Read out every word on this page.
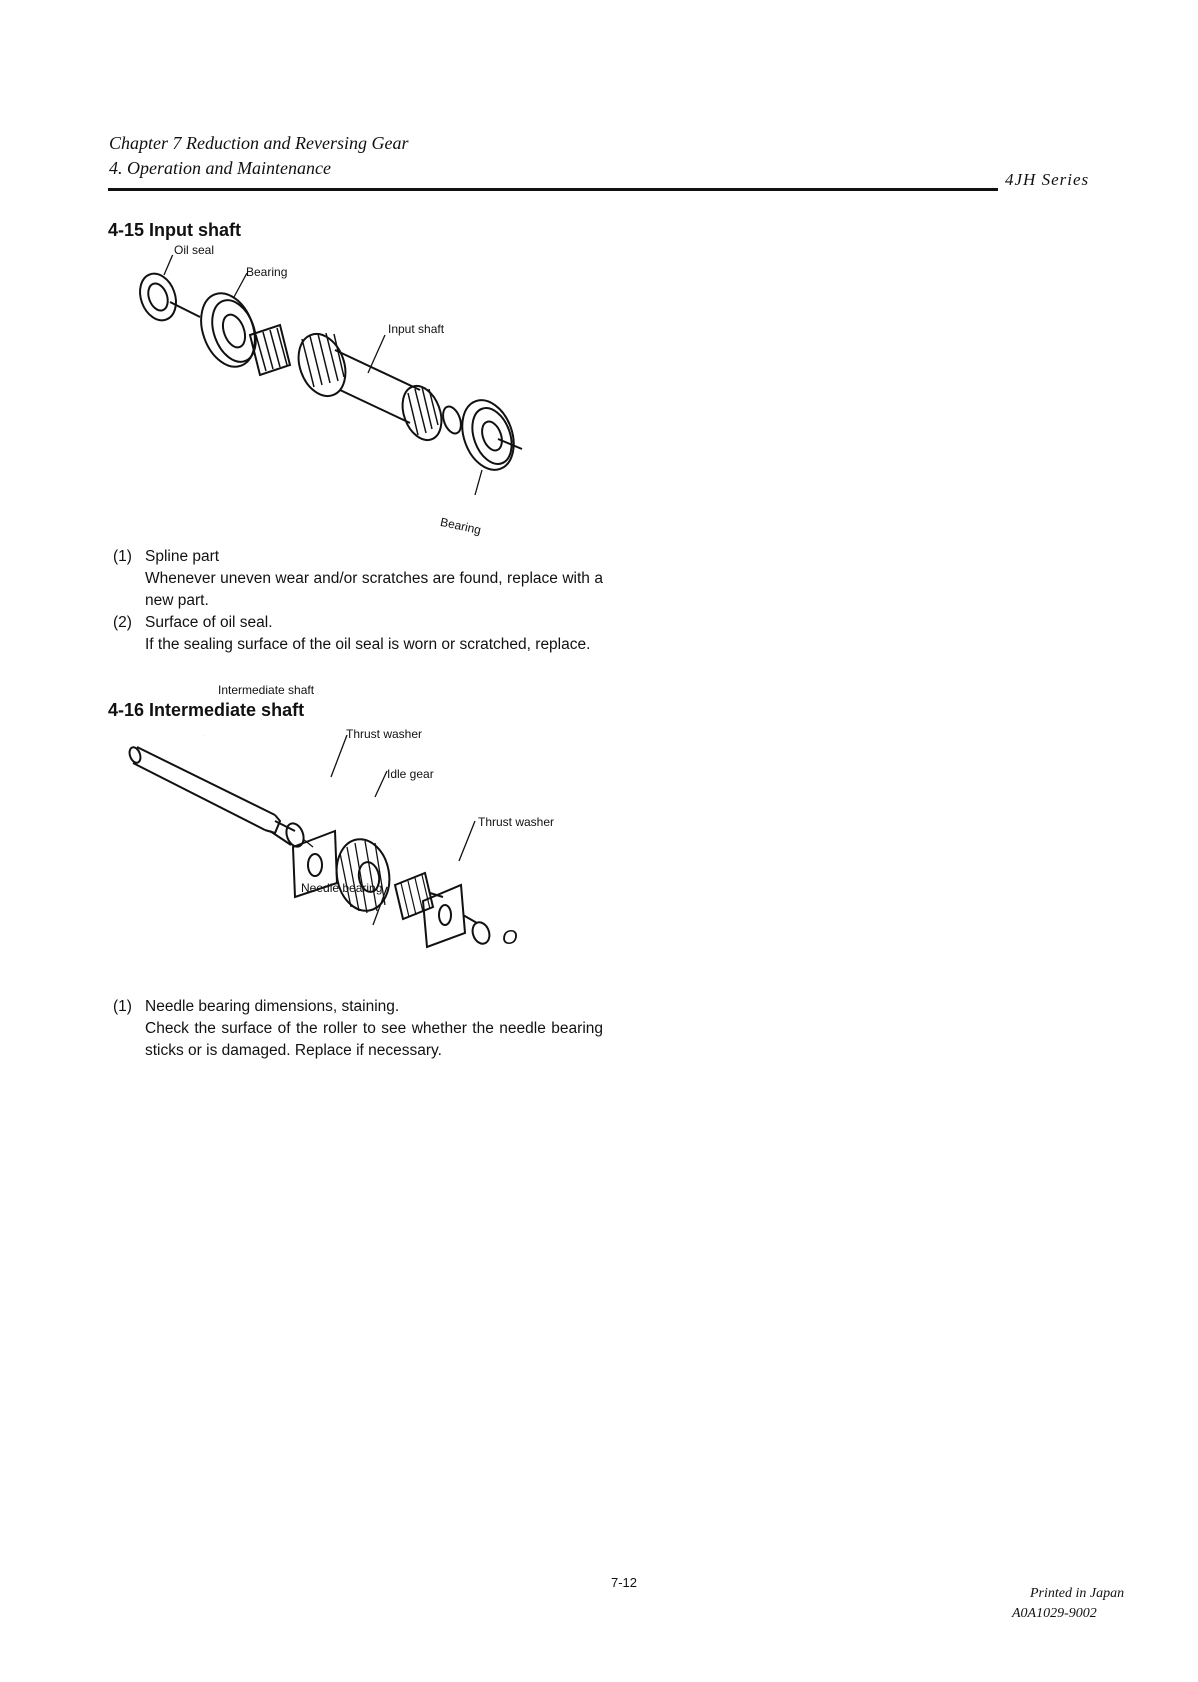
Chapter 7 Reduction and Reversing Gear
4. Operation and Maintenance
4JH Series
4-15 Input shaft
Oil seal
Bearing
Input shaft
Bearing
(1) Spline part
Whenever uneven wear and/or scratches are found, replace with a new part.
(2) Surface of oil seal.
If the sealing surface of the oil seal is worn or scratched, replace.
4-16 Intermediate shaft
Intermediate shaft
Thrust washer
Idle gear
Thrust washer
Needle bearing
O
(1) Needle bearing dimensions, staining.
Check the surface of the roller to see whether the needle bearing sticks or is damaged. Replace if necessary.
7-12
Printed in Japan
A0A1029-9002
